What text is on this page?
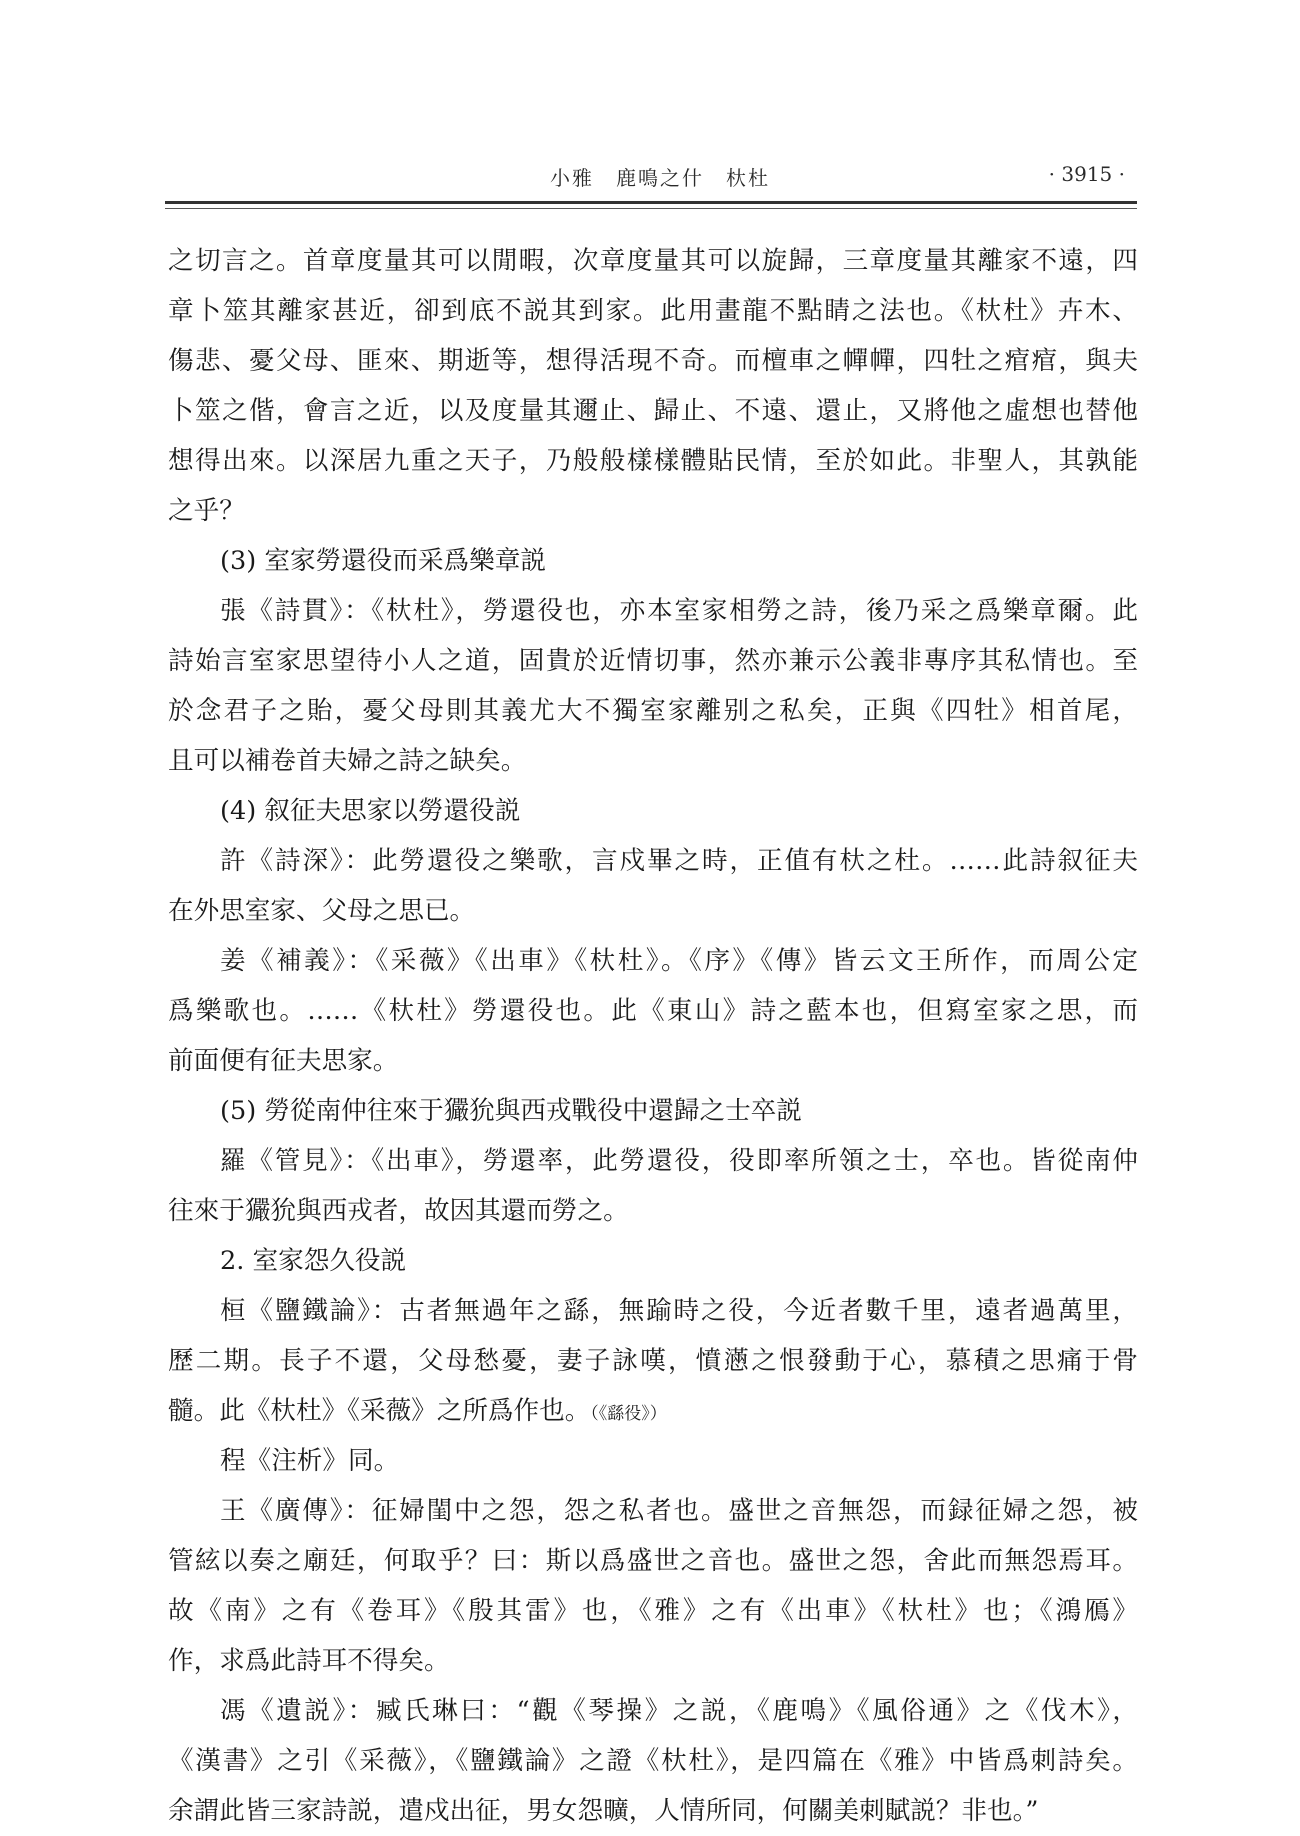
小雅　鹿鳴之什　杕杜	· 3915 ·
之切言之。首章度量其可以閒暇，次章度量其可以旋歸，三章度量其離家不遠，四
章卜筮其離家甚近，卻到底不説其到家。此用畫龍不點睛之法也。《杕杜》卉木、
傷悲、憂父母、匪來、期逝等，想得活現不奇。而檀車之幝幝，四牡之痯痯，與夫
卜筮之偕，會言之近，以及度量其邇止、歸止、不遠、還止，又將他之虛想也替他
想得出來。以深居九重之天子，乃般般樣樣體貼民情，至於如此。非聖人，其孰能
之乎？
(3) 室家勞還役而采爲樂章説
張《詩貫》：《杕杜》，勞還役也，亦本室家相勞之詩，後乃采之爲樂章爾。此
詩始言室家思望待小人之道，固貴於近情切事，然亦兼示公義非專序其私情也。至
於念君子之貽，憂父母則其義尤大不獨室家離别之私矣，正與《四牡》相首尾，
且可以補卷首夫婦之詩之缺矣。
(4) 叙征夫思家以勞還役説
許《詩深》：此勞還役之樂歌，言戍畢之時，正值有杕之杜。……此詩叙征夫
在外思室家、父母之思已。
姜《補義》：《采薇》《出車》《杕杜》。《序》《傳》皆云文王所作，而周公定
爲樂歌也。……《杕杜》勞還役也。此《東山》詩之藍本也，但寫室家之思，而
前面便有征夫思家。
(5) 勞從南仲往來于玁狁與西戎戰役中還歸之士卒説
羅《管見》：《出車》，勞還率，此勞還役，役即率所領之士，卒也。皆從南仲
往來于玁狁與西戎者，故因其還而勞之。
2. 室家怨久役説
桓《鹽鐵論》：古者無過年之繇，無踰時之役，今近者數千里，遠者過萬里，
歷二期。長子不還，父母愁憂，妻子詠嘆，憤懣之恨發動于心，慕積之思痛于骨
髓。此《杕杜》《采薇》之所爲作也。（《繇役》）
程《注析》同。
王《廣傳》：征婦閨中之怨，怨之私者也。盛世之音無怨，而録征婦之怨，被
管絃以奏之廟廷，何取乎？曰：斯以爲盛世之音也。盛世之怨，舍此而無怨焉耳。
故《南》之有《卷耳》《殷其雷》也，《雅》之有《出車》《杕杜》也；《鴻鴈》
作，求爲此詩耳不得矣。
馮《遺説》：臧氏琳曰：“觀《琴操》之説，《鹿鳴》《風俗通》之《伐木》，
《漢書》之引《采薇》，《鹽鐵論》之證《杕杜》，是四篇在《雅》中皆爲刺詩矣。
余謂此皆三家詩説，遣戍出征，男女怨曠，人情所同，何關美刺賦説？非也。”
